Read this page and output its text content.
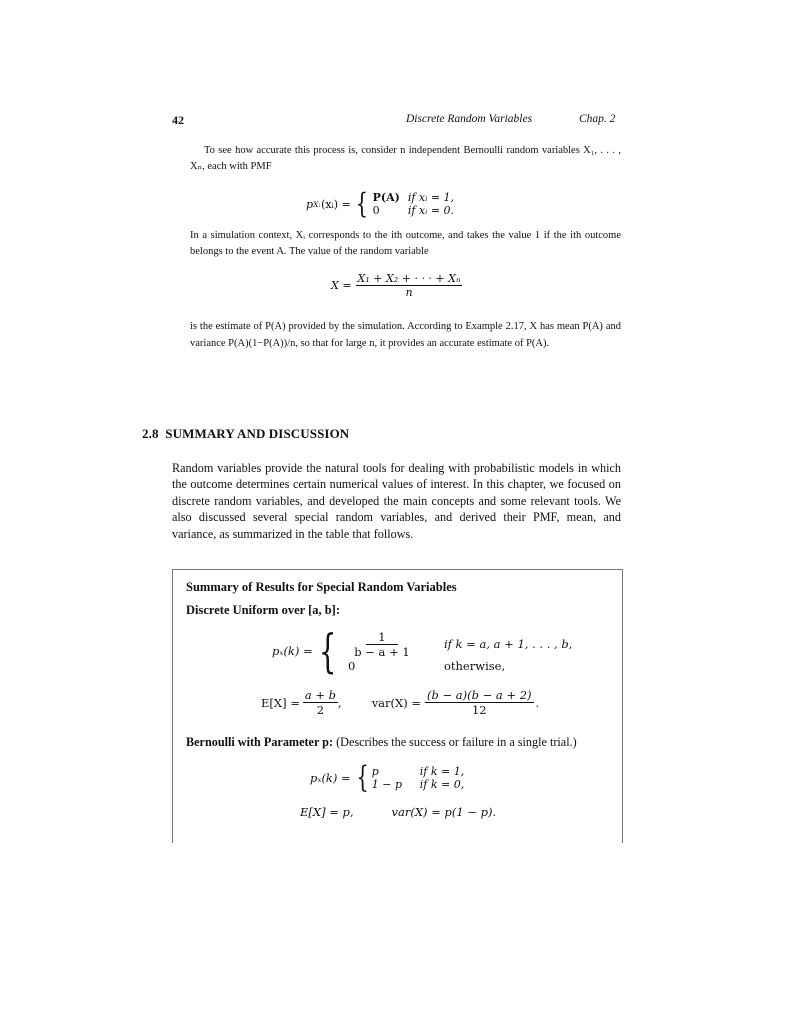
42	Discrete Random Variables	Chap. 2
To see how accurate this process is, consider n independent Bernoulli random variables X₁, . . . , Xₙ, each with PMF
p Xᵢ (xᵢ) = { P(A)	if xᵢ = 1,
0	if xᵢ = 0.
In a simulation context, Xᵢ corresponds to the ith outcome, and takes the value 1 if the ith outcome belongs to the event A. The value of the random variable
$X = \frac{\text{X₁ + X₂ + · · · + Xₙ}}{n}$
is the estimate of P(A) provided by the simulation. According to Example 2.17, X has mean P(A) and variance P(A)(1−P(A))/n, so that for large n, it provides an accurate estimate of P(A).
2.8 SUMMARY AND DISCUSSION
Random variables provide the natural tools for dealing with probabilistic models in which the outcome determines certain numerical values of interest. In this chapter, we focused on discrete random variables, and developed the main concepts and some relevant tools. We also discussed several special random variables, and derived their PMF, mean, and variance, as summarized in the table that follows.
Summary of Results for Special Random Variables
Discrete Uniform over [a, b]:
pₓ(k) = { $\frac{1}{b - a + 1}$ if k = a, a + 1, . . . , b,
0	otherwise,
$E[X] = \frac{a + b}{2}$ ,	$var(X) = \frac{(b - a)(b - a + 2)}{12}$ .
Bernoulli with Parameter p: (Describes the success or failure in a single trial.)
pₓ(k) = { p	if k = 1,
1 − p	if k = 0,
E[X] = p,	var(X) = p(1 − p).
